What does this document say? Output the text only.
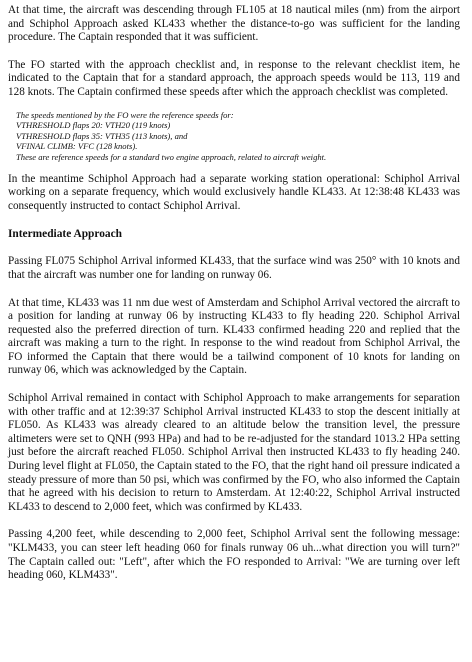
At that time, the aircraft was descending through FL105 at 18 nautical miles (nm) from the airport and Schiphol Approach asked KL433 whether the distance-to-go was sufficient for the landing procedure. The Captain responded that it was sufficient.

The FO started with the approach checklist and, in response to the relevant checklist item, he indicated to the Captain that for a standard approach, the approach speeds would be 113, 119 and 128 knots. The Captain confirmed these speeds after which the approach checklist was completed.

The speeds mentioned by the FO were the reference speeds for:

VTHRESHOLD flaps 20: VTH20 (119 knots)

VTHRESHOLD flaps 35: VTH35 (113 knots), and

VFINAL CLIMB: VFC (128 knots).

These are reference speeds for a standard two engine approach, related to aircraft weight.

In the meantime Schiphol Approach had a separate working station operational: Schiphol Arrival working on a separate frequency, which would exclusively handle KL433. At 12:38:48 KL433 was consequently instructed to contact Schiphol Arrival.

Intermediate Approach

Passing FL075 Schiphol Arrival informed KL433, that the surface wind was 250° with 10 knots and that the aircraft was number one for landing on runway 06.

At that time, KL433 was 11 nm due west of Amsterdam and Schiphol Arrival vectored the aircraft to a position for landing at runway 06 by instructing KL433 to fly heading 220. Schiphol Arrival requested also the preferred direction of turn. KL433 confirmed heading 220 and replied that the aircraft was making a turn to the right. In response to the wind readout from Schiphol Arrival, the FO informed the Captain that there would be a tailwind component of 10 knots for landing on runway 06, which was acknowledged by the Captain.

Schiphol Arrival remained in contact with Schiphol Approach to make arrangements for separation with other traffic and at 12:39:37 Schiphol Arrival instructed KL433 to stop the descent initially at FL050. As KL433 was already cleared to an altitude below the transition level, the pressure altimeters were set to QNH (993 HPa) and had to be re-adjusted for the standard 1013.2 HPa setting just before the aircraft reached FL050. Schiphol Arrival then instructed KL433 to fly heading 240. During level flight at FL050, the Captain stated to the FO, that the right hand oil pressure indicated a steady pressure of more than 50 psi, which was confirmed by the FO, who also informed the Captain that he agreed with his decision to return to Amsterdam. At 12:40:22, Schiphol Arrival instructed KL433 to descend to 2,000 feet, which was confirmed by KL433.

Passing 4,200 feet, while descending to 2,000 feet, Schiphol Arrival sent the following message: "KLM433, you can steer left heading 060 for finals runway 06 uh...what direction you will turn?" The Captain called out: "Left", after which the FO responded to Arrival: "We are turning over left heading 060, KLM433".
